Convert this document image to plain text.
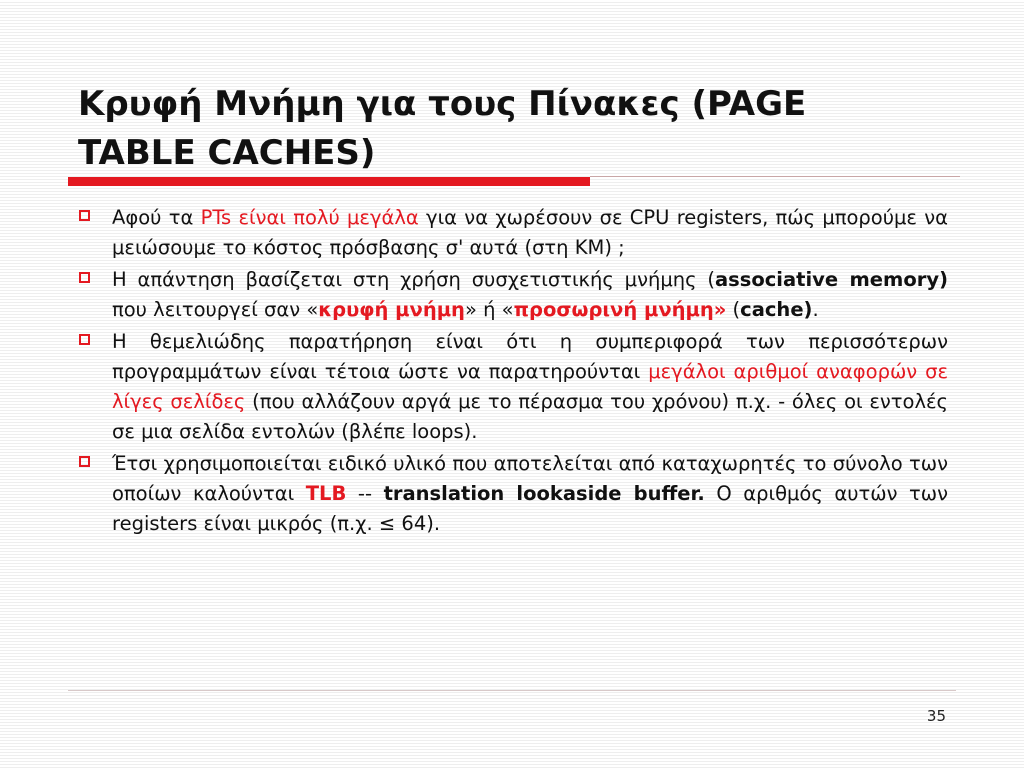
Κρυφή Μνήμη για τους Πίνακες (PAGE
TABLE CACHES)
Αφού τα PTs είναι πολύ μεγάλα για να χωρέσουν σε CPU registers, πώς μπορούμε να μειώσουμε το κόστος πρόσβασης σ' αυτά (στη ΚΜ) ;
Η απάντηση βασίζεται στη χρήση συσχετιστικής μνήμης (associative memory) που λειτουργεί σαν «κρυφή μνήμη» ή «προσωρινή μνήμη» (cache).
Η θεμελιώδης παρατήρηση είναι ότι η συμπεριφορά των περισσότερων προγραμμάτων είναι τέτοια ώστε να παρατηρούνται μεγάλοι αριθμοί αναφορών σε λίγες σελίδες (που αλλάζουν αργά με το πέρασμα του χρόνου) π.χ. - όλες οι εντολές σε μια σελίδα εντολών (βλέπε loops).
Έτσι χρησιμοποιείται ειδικό υλικό που αποτελείται από καταχωρητές το σύνολο των οποίων καλούνται TLB -- translation lookaside buffer. Ο αριθμός αυτών των registers είναι μικρός (π.χ. ≤ 64).
35
